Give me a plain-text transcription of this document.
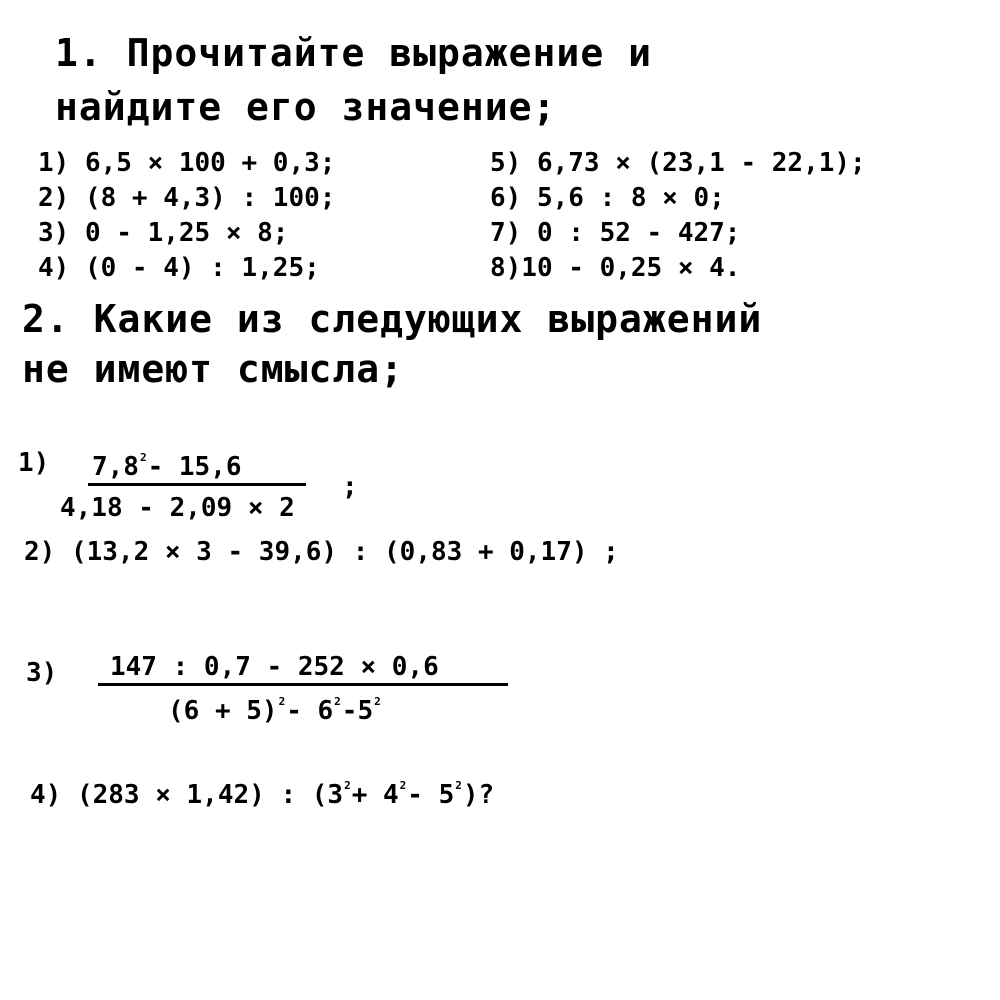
1. Прочитайте выражение и
найдите его значение;
1) 6,5 × 100 + 0,3;
2) (8 + 4,3) : 100;
3) 0 - 1,25 × 8;
4) (0 - 4) : 1,25;
5) 6,73 × (23,1 - 22,1);
6) 5,6 : 8 × 0;
7) 0 : 52 - 427;
8)10 - 0,25 × 4.
2. Какие из следующих выражений
не имеют смысла;
1) $7,8^2-$ 15,6
4,18 - 2,09 × 2
;
2) (13,2 × 3 - 39,6) : (0,83 + 0,17) ;
3) 147 : 0,7 - 252 × 0,6
$(6 + 5)^2-$ $6^2-5^2$
4) (283 × 1,42) : ($3^2+ 4^2-$ $5^2$)?
